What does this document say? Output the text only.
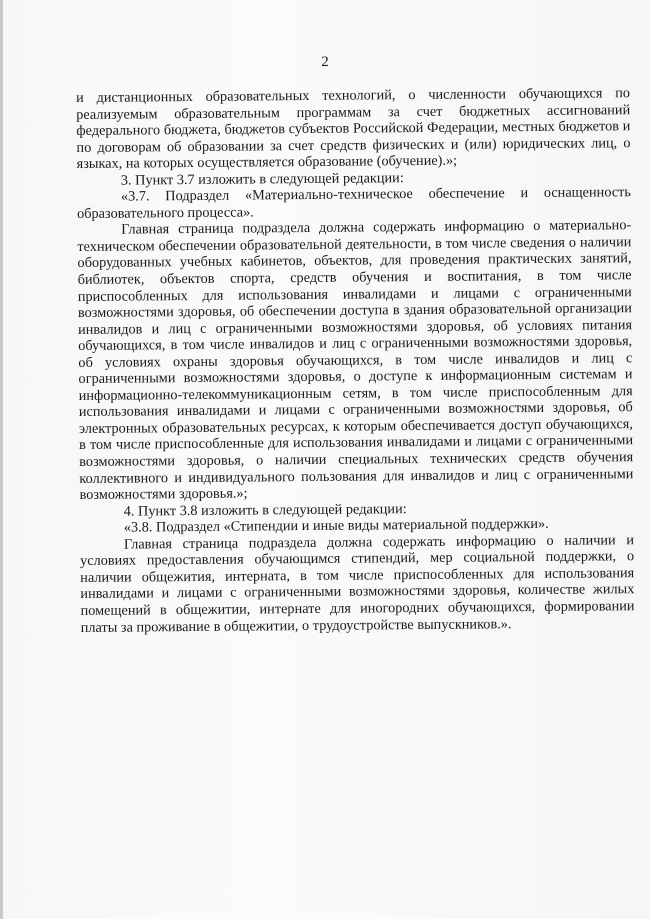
2

и дистанционных образовательных технологий, о численности обучающихся по реализуемым образовательным программам за счет бюджетных ассигнований федерального бюджета, бюджетов субъектов Российской Федерации, местных бюджетов и по договорам об образовании за счет средств физических и (или) юридических лиц, о языках, на которых осуществляется образование (обучение).»;

3. Пункт 3.7 изложить в следующей редакции:

«3.7. Подраздел «Материально-техническое обеспечение и оснащенность образовательного процесса».

Главная страница подраздела должна содержать информацию о материально-техническом обеспечении образовательной деятельности, в том числе сведения о наличии оборудованных учебных кабинетов, объектов, для проведения практических занятий, библиотек, объектов спорта, средств обучения и воспитания, в том числе приспособленных для использования инвалидами и лицами с ограниченными возможностями здоровья, об обеспечении доступа в здания образовательной организации инвалидов и лиц с ограниченными возможностями здоровья, об условиях питания обучающихся, в том числе инвалидов и лиц с ограниченными возможностями здоровья, об условиях охраны здоровья обучающихся, в том числе инвалидов и лиц с ограниченными возможностями здоровья, о доступе к информационным системам и информационно-телекоммуникационным сетям, в том числе приспособленным для использования инвалидами и лицами с ограниченными возможностями здоровья, об электронных образовательных ресурсах, к которым обеспечивается доступ обучающихся, в том числе приспособленные для использования инвалидами и лицами с ограниченными возможностями здоровья, о наличии специальных технических средств обучения коллективного и индивидуального пользования для инвалидов и лиц с ограниченными возможностями здоровья.»;

4. Пункт 3.8 изложить в следующей редакции:

«3.8. Подраздел «Стипендии и иные виды материальной поддержки».

Главная страница подраздела должна содержать информацию о наличии и условиях предоставления обучающимся стипендий, мер социальной поддержки, о наличии общежития, интерната, в том числе приспособленных для использования инвалидами и лицами с ограниченными возможностями здоровья, количестве жилых помещений в общежитии, интернате для иногородних обучающихся, формировании платы за проживание в общежитии, о трудоустройстве выпускников.».
